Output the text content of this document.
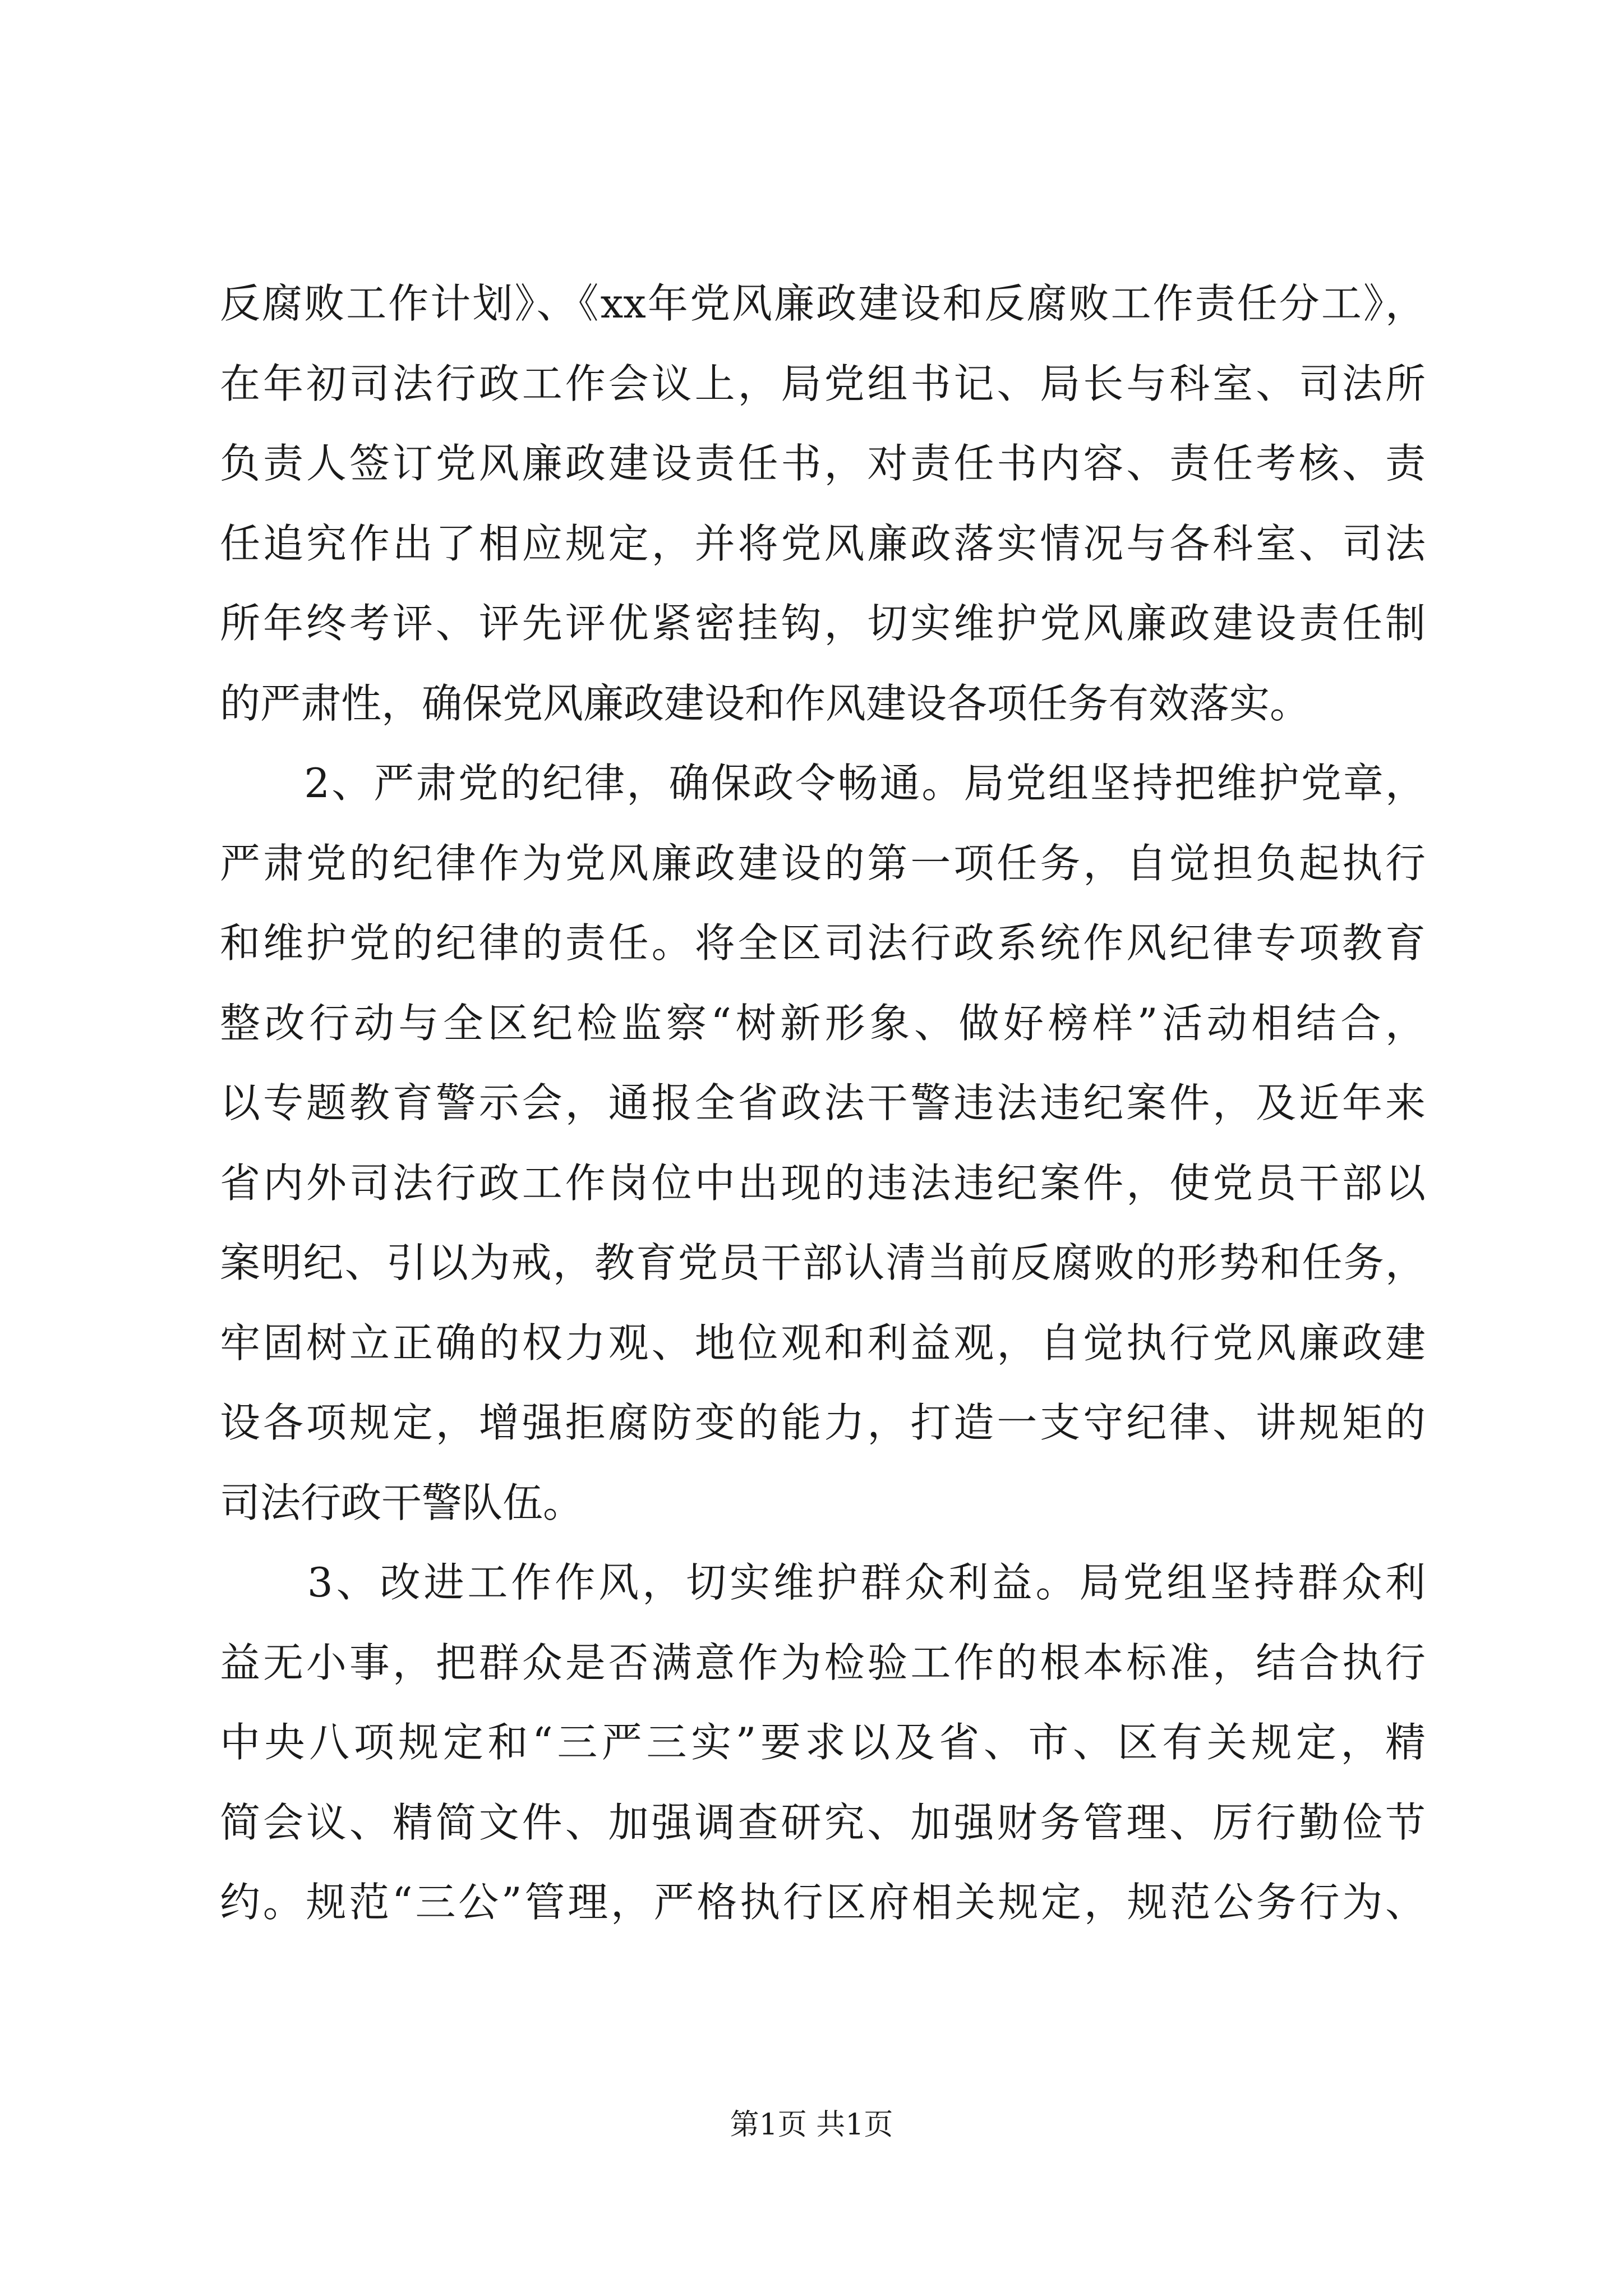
反腐败工作计划》、《xx年党风廉政建设和反腐败工作责任分工》，
在年初司法行政工作会议上，局党组书记、局长与科室、司法所
负责人签订党风廉政建设责任书，对责任书内容、责任考核、责
任追究作出了相应规定，并将党风廉政落实情况与各科室、司法
所年终考评、评先评优紧密挂钩，切实维护党风廉政建设责任制
的严肃性，确保党风廉政建设和作风建设各项任务有效落实。
　　2、严肃党的纪律，确保政令畅通。局党组坚持把维护党章，
严肃党的纪律作为党风廉政建设的第一项任务，自觉担负起执行
和维护党的纪律的责任。将全区司法行政系统作风纪律专项教育
整改行动与全区纪检监察“树新形象、做好榜样”活动相结合，
以专题教育警示会，通报全省政法干警违法违纪案件，及近年来
省内外司法行政工作岗位中出现的违法违纪案件，使党员干部以
案明纪、引以为戒，教育党员干部认清当前反腐败的形势和任务，
牢固树立正确的权力观、地位观和利益观，自觉执行党风廉政建
设各项规定，增强拒腐防变的能力，打造一支守纪律、讲规矩的
司法行政干警队伍。
　　3、改进工作作风，切实维护群众利益。局党组坚持群众利
益无小事，把群众是否满意作为检验工作的根本标准，结合执行
中央八项规定和“三严三实”要求以及省、市、区有关规定，精
简会议、精简文件、加强调查研究、加强财务管理、厉行勤俭节
约。规范“三公”管理，严格执行区府相关规定，规范公务行为、
第1页 共1页
